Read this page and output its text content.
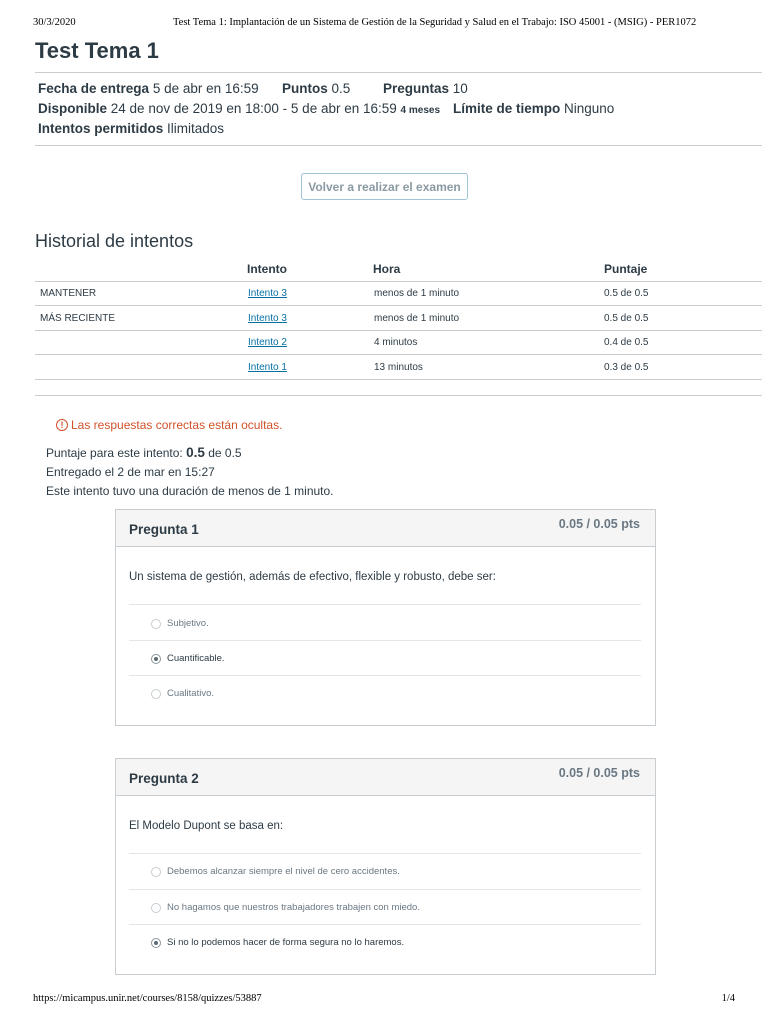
30/3/2020	Test Tema 1: Implantación de un Sistema de Gestión de la Seguridad y Salud en el Trabajo: ISO 45001 - (MSIG) - PER1072
Test Tema 1
Fecha de entrega 5 de abr en 16:59 Puntos 0.5 Preguntas 10
Disponible 24 de nov de 2019 en 18:00 - 5 de abr en 16:59 4 meses Límite de tiempo Ninguno
Intentos permitidos Ilimitados
Volver a realizar el examen
Historial de intentos
Intento	Hora	Puntaje
MANTENER	Intento 3	menos de 1 minuto	0.5 de 0.5
MÁS RECIENTE	Intento 3	menos de 1 minuto	0.5 de 0.5
Intento 2	4 minutos	0.4 de 0.5
Intento 1	13 minutos	0.3 de 0.5
! Las respuestas correctas están ocultas.
Puntaje para este intento: 0.5 de 0.5
Entregado el 2 de mar en 15:27
Este intento tuvo una duración de menos de 1 minuto.
Pregunta 1	0.05 / 0.05 pts
Un sistema de gestión, además de efectivo, flexible y robusto, debe ser:
Subjetivo.
Cuantificable.
Cualitativo.
Pregunta 2	0.05 / 0.05 pts
El Modelo Dupont se basa en:
Debemos alcanzar siempre el nivel de cero accidentes.
No hagamos que nuestros trabajadores trabajen con miedo.
Si no lo podemos hacer de forma segura no lo haremos.
https://micampus.unir.net/courses/8158/quizzes/53887	1/4
